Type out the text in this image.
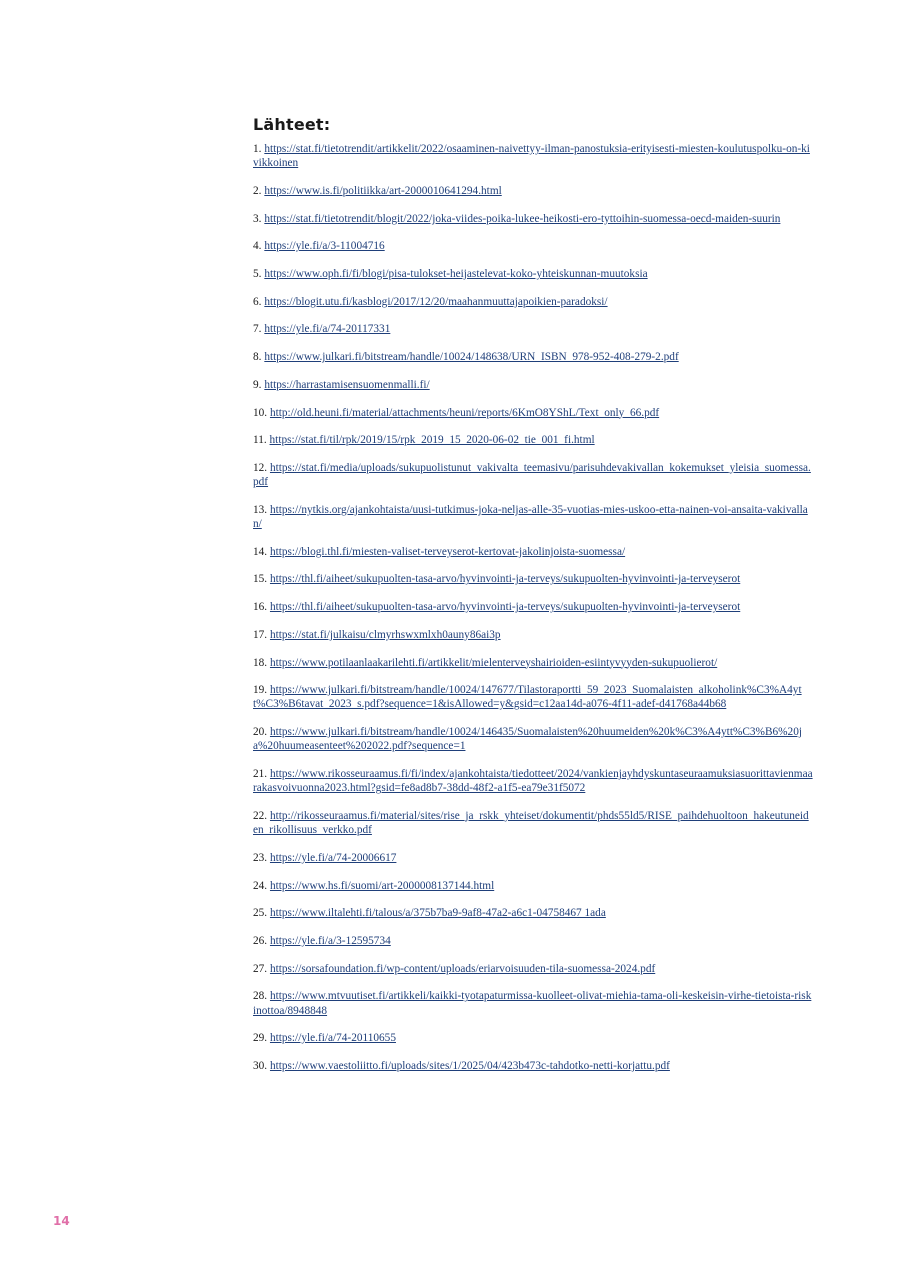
Lähteet:
1. https://stat.fi/tietotrendit/artikkelit/2022/osaaminen-naivettyy-ilman-panostuksia-erityisesti-miesten-koulutuspolku-on-kivikkoinen
2. https://www.is.fi/politiikka/art-2000010641294.html
3. https://stat.fi/tietotrendit/blogit/2022/joka-viides-poika-lukee-heikosti-ero-tyttoihin-suomessa-oecd-maiden-suurin
4. https://yle.fi/a/3-11004716
5. https://www.oph.fi/fi/blogi/pisa-tulokset-heijastelevat-koko-yhteiskunnan-muutoksia
6. https://blogit.utu.fi/kasblogi/2017/12/20/maahanmuuttajapoikien-paradoksi/
7. https://yle.fi/a/74-20117331
8. https://www.julkari.fi/bitstream/handle/10024/148638/URN_ISBN_978-952-408-279-2.pdf
9. https://harrastamisensuomenmalli.fi/
10. http://old.heuni.fi/material/attachments/heuni/reports/6KmO8YShL/Text_only_66.pdf
11. https://stat.fi/til/rpk/2019/15/rpk_2019_15_2020-06-02_tie_001_fi.html
12. https://stat.fi/media/uploads/sukupuolistunut_vakivalta_teemasivu/parisuhdevakivallan_kokemukset_yleisia_suomessa.pdf
13. https://nytkis.org/ajankohtaista/uusi-tutkimus-joka-neljas-alle-35-vuotias-mies-uskoo-etta-nainen-voi-ansaita-vakivallan/
14. https://blogi.thl.fi/miesten-valiset-terveyserot-kertovat-jakolinjoista-suomessa/
15. https://thl.fi/aiheet/sukupuolten-tasa-arvo/hyvinvointi-ja-terveys/sukupuolten-hyvinvointi-ja-terveyserot
16. https://thl.fi/aiheet/sukupuolten-tasa-arvo/hyvinvointi-ja-terveys/sukupuolten-hyvinvointi-ja-terveyserot
17. https://stat.fi/julkaisu/clmyrhswxmlxh0auny86ai3p
18. https://www.potilaanlaakarilehti.fi/artikkelit/mielenterveyshairioiden-esiintyvyyden-sukupuolierot/
19. https://www.julkari.fi/bitstream/handle/10024/147677/Tilastoraportti_59_2023_Suomalaisten_alkoholink%C3%A4ytt%C3%B6tavat_2023_s.pdf?sequence=1&isAllowed=y&gsid=c12aa14d-a076-4f11-adef-d41768a44b68
20. https://www.julkari.fi/bitstream/handle/10024/146435/Suomalaisten%20huumeiden%20k%C3%A4ytt%C3%B6%20ja%20huumeasenteet%202022.pdf?sequence=1
21. https://www.rikosseuraamus.fi/fi/index/ajankohtaista/tiedotteet/2024/vankienjayhdyskuntaseuraamuksiasuorittavienmaarakasvoivuonna2023.html?gsid=fe8ad8b7-38dd-48f2-a1f5-ea79e31f5072
22. http://rikosseuraamus.fi/material/sites/rise_ja_rskk_yhteiset/dokumentit/phds55ld5/RISE_paihdehuoltoon_hakeutuneiden_rikollisuus_verkko.pdf
23. https://yle.fi/a/74-20006617
24. https://www.hs.fi/suomi/art-2000008137144.html
25. https://www.iltalehti.fi/talous/a/375b7ba9-9af8-47a2-a6c1-04758467 1ada
26. https://yle.fi/a/3-12595734
27. https://sorsafoundation.fi/wp-content/uploads/eriarvoisuuden-tila-suomessa-2024.pdf
28. https://www.mtvuutiset.fi/artikkeli/kaikki-tyotapaturmissa-kuolleet-olivat-miehia-tama-oli-keskeisin-virhe-tietoista-riskinottoa/8948848
29. https://yle.fi/a/74-20110655
30. https://www.vaestoliitto.fi/uploads/sites/1/2025/04/423b473c-tahdotko-netti-korjattu.pdf
14
